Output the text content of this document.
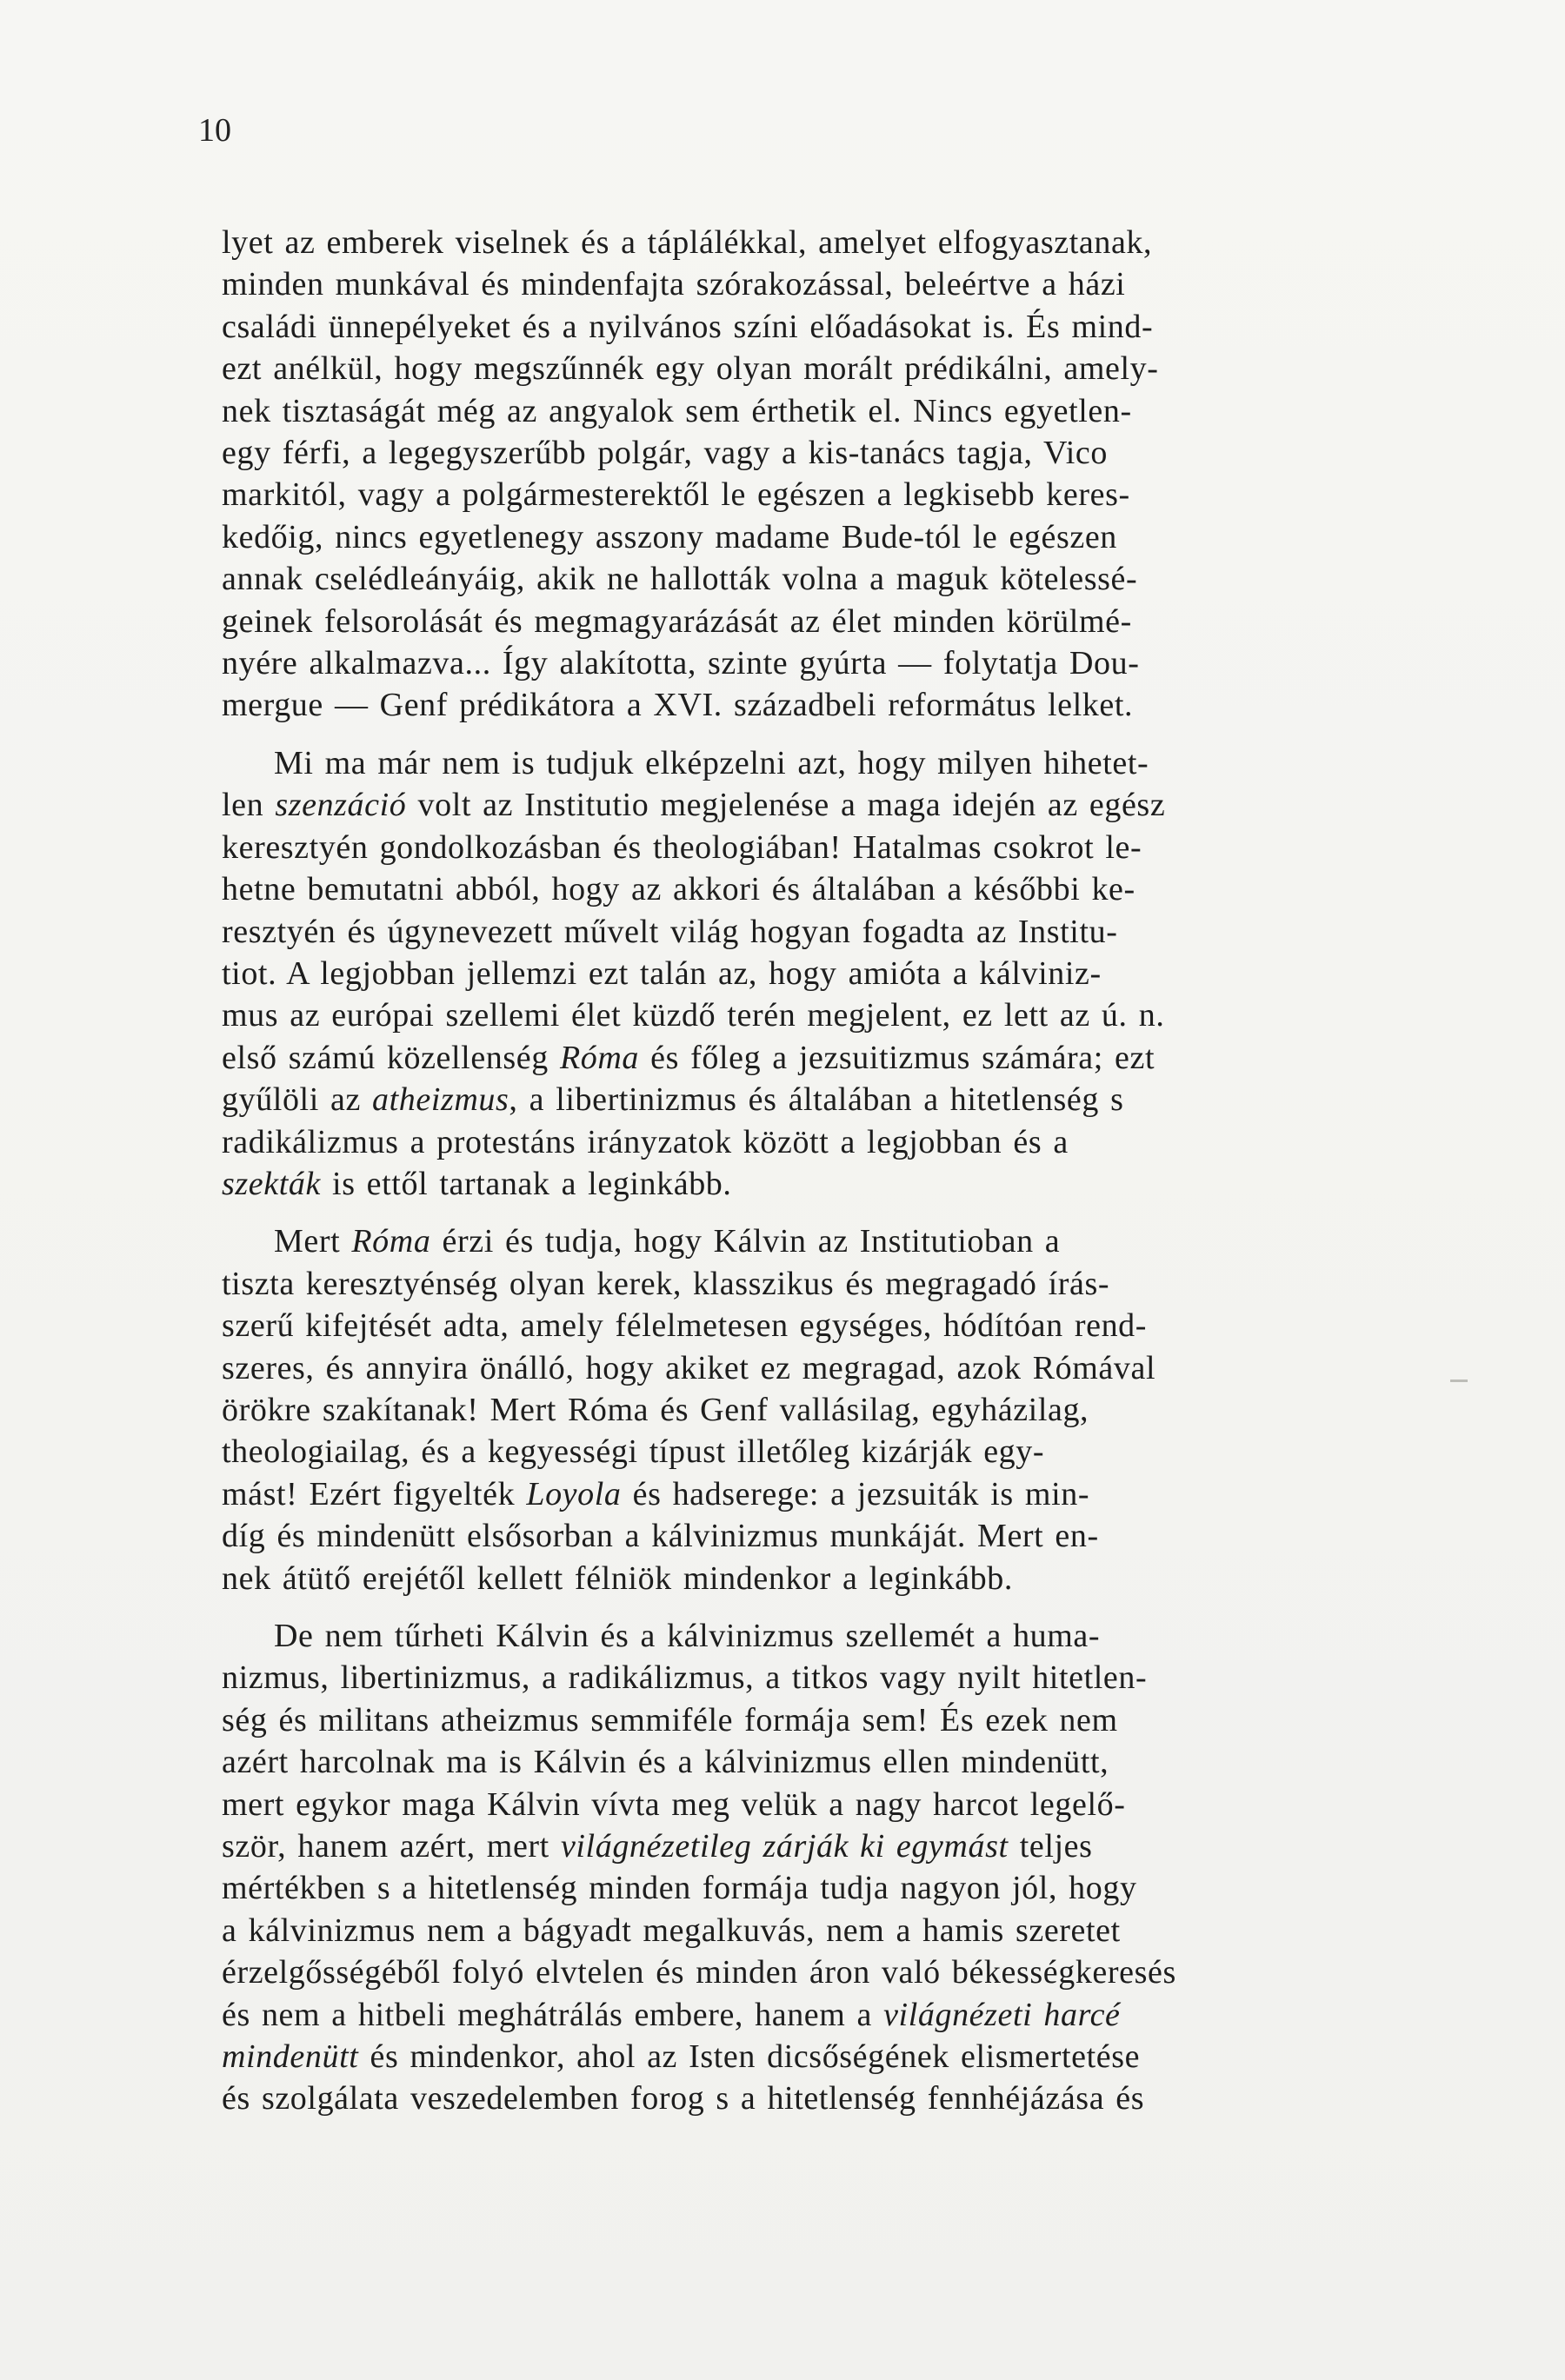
10
lyet az emberek viselnek és a táplálékkal, amelyet elfogyasztanak,
minden munkával és mindenfajta szórakozással, beleértve a házi
családi ünnepélyeket és a nyilvános színi előadásokat is. És mind-
ezt anélkül, hogy megszűnnék egy olyan morált prédikálni, amely-
nek tisztaságát még az angyalok sem érthetik el. Nincs egyetlen-
egy férfi, a legegyszerűbb polgár, vagy a kis-tanács tagja, Vico
markitól, vagy a polgármesterektől le egészen a legkisebb keres-
kedőig, nincs egyetlenegy asszony madame Bude-tól le egészen
annak cselédleányáig, akik ne hallották volna a maguk kötelessé-
geinek felsorolását és megmagyarázását az élet minden körülmé-
nyére alkalmazva... Így alakította, szinte gyúrta — folytatja Dou-
mergue — Genf prédikátora a XVI. századbeli református lelket.
Mi ma már nem is tudjuk elképzelni azt, hogy milyen hihetet-
len szenzáció volt az Institutio megjelenése a maga idején az egész
keresztyén gondolkozásban és theologiában! Hatalmas csokrot le-
hetne bemutatni abból, hogy az akkori és általában a későbbi ke-
resztyén és úgynevezett művelt világ hogyan fogadta az Institu-
tiot. A legjobban jellemzi ezt talán az, hogy amióta a kálviniz-
mus az európai szellemi élet küzdő terén megjelent, ez lett az ú. n.
első számú közellenség Róma és főleg a jezsuitizmus számára; ezt
gyűlöli az atheizmus, a libertinizmus és általában a hitetlenség s
radikálizmus a protestáns irányzatok között a legjobban és a
szekták is ettől tartanak a leginkább.
Mert Róma érzi és tudja, hogy Kálvin az Institutioban a
tiszta keresztyénség olyan kerek, klasszikus és megragadó írás-
szerű kifejtését adta, amely félelmetesen egységes, hódítóan rend-
szeres, és annyira önálló, hogy akiket ez megragad, azok Rómával
örökre szakítanak! Mert Róma és Genf vallásilag, egyházilag,
theologiailag, és a kegyességi típust illetőleg kizárják egy-
mást! Ezért figyelték Loyola és hadserege: a jezsuiták is min-
díg és mindenütt elsősorban a kálvinizmus munkáját. Mert en-
nek átütő erejétől kellett félniök mindenkor a leginkább.
De nem tűrheti Kálvin és a kálvinizmus szellemét a huma-
nizmus, libertinizmus, a radikálizmus, a titkos vagy nyilt hitetlen-
ség és militans atheizmus semmiféle formája sem! És ezek nem
azért harcolnak ma is Kálvin és a kálvinizmus ellen mindenütt,
mert egykor maga Kálvin vívta meg velük a nagy harcot legelő-
ször, hanem azért, mert világnézetileg zárják ki egymást teljes
mértékben s a hitetlenség minden formája tudja nagyon jól, hogy
a kálvinizmus nem a bágyadt megalkuvás, nem a hamis szeretet
érzelgősségéből folyó elvtelen és minden áron való békességkeresés
és nem a hitbeli meghátrálás embere, hanem a világnézeti harcé
mindenütt és mindenkor, ahol az Isten dicsőségének elismertetése
és szolgálata veszedelemben forog s a hitetlenség fennhéjázása és
